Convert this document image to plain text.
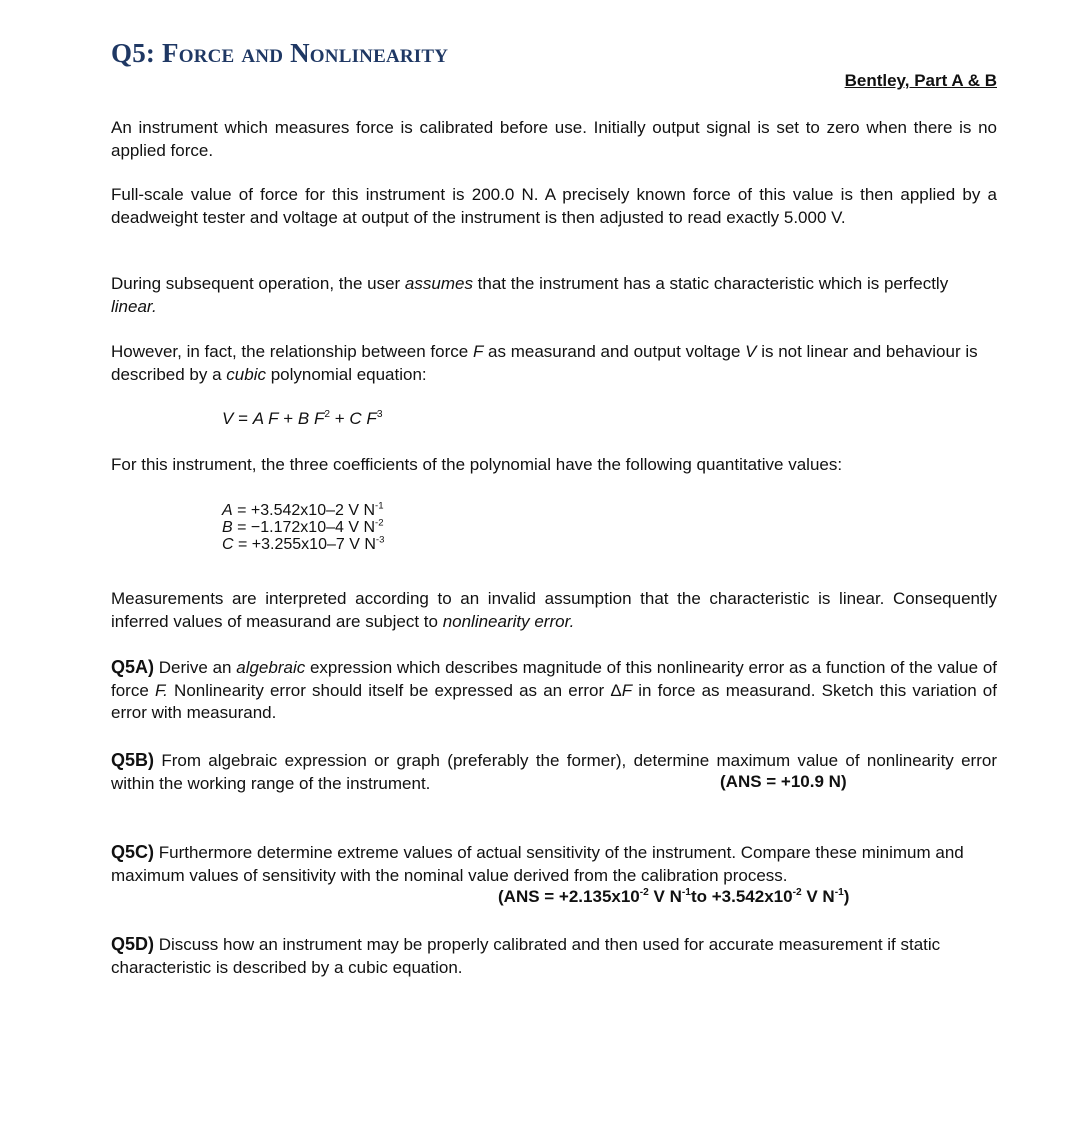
Q5: Force and Nonlinearity
Bentley, Part A & B

An instrument which measures force is calibrated before use. Initially output signal is set to zero when there is no applied force.

Full-scale value of force for this instrument is 200.0 N. A precisely known force of this value is then applied by a deadweight tester and voltage at output of the instrument is then adjusted to read exactly 5.000 V.

During subsequent operation, the user assumes that the instrument has a static characteristic which is perfectly linear.

However, in fact, the relationship between force F as measurand and output voltage V is not linear and behaviour is described by a cubic polynomial equation:

V = A F + B $F^2 + C$ $F^3$

For this instrument, the three coefficients of the polynomial have the following quantitative values:

A = +3.542x10–2 V $N^{-1}$
B = −1.172x10–4 V $N^{-2}$
C = +3.255x10–7 V $N^{-3}$

Measurements are interpreted according to an invalid assumption that the characteristic is linear. Consequently inferred values of measurand are subject to nonlinearity error.

Q5A) Derive an algebraic expression which describes magnitude of this nonlinearity error as a function of the value of force F. Nonlinearity error should itself be expressed as an error ΔF in force as measurand. Sketch this variation of error with measurand.

Q5B) From algebraic expression or graph (preferably the former), determine maximum value of nonlinearity error within the working range of the instrument.	(ANS = +10.9 N)

Q5C) Furthermore determine extreme values of actual sensitivity of the instrument. Compare these minimum and maximum values of sensitivity with the nominal value derived from the calibration process.

($ANS = +2.135x10^{-2}$ V $N^{-1}to +3.542x10^{-2}$ V $N^{-1}$)

Q5D) Discuss how an instrument may be properly calibrated and then used for accurate measurement if static characteristic is described by a cubic equation.
